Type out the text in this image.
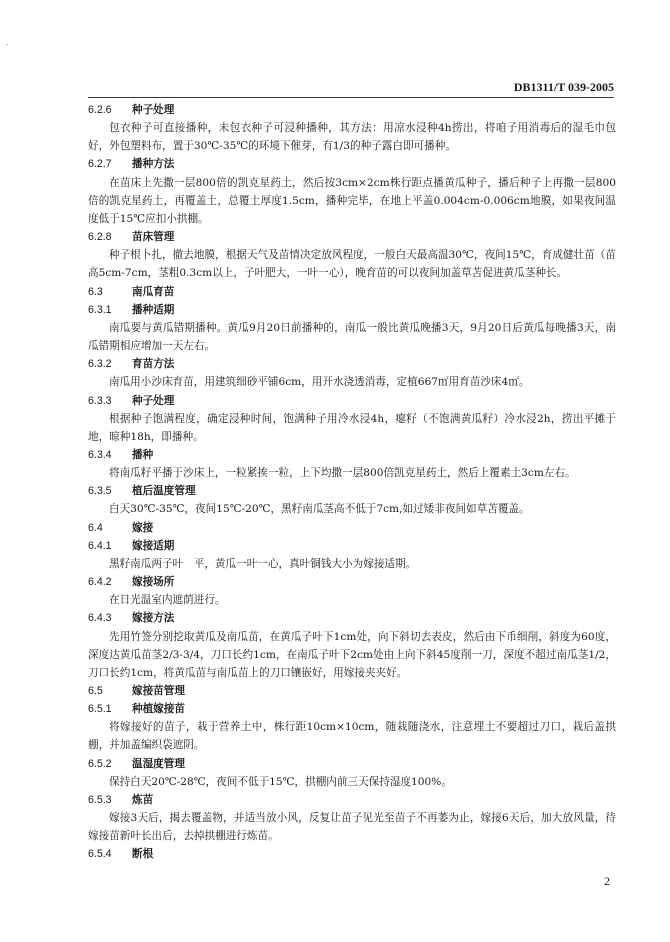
.
DB1311/T 039-2005
6.2.6 种子处理

包衣种子可直接播种，未包衣种子可浸种播种，其方法：用凉水浸种4h捞出，将咱子用消毒后的湿毛巾包好，外包塑料布，置于30℃-35℃的环境下催芽，有1/3的种子露白即可播种。

6.2.7 播种方法

在苗床上先撒一层800倍的凯克星药土，然后按3cm×2cm株行距点播黄瓜种子，播后种子上再撒一层800倍的凯克星药土，再覆盖土，总覆土厚度1.5cm，播种完毕，在地上平盖0.004cm-0.006cm地膜，如果夜间温度低于15℃应扣小拱棚。

6.2.8 苗床管理

种子根卜扎，撤去地膜，根据天气及苗情决定放风程度，一般白天最高温30℃，夜间15℃，育成健壮苗（苗高5cm-7cm，茎粗0.3cm以上，子叶肥大，一叶一心），晚育苗的可以夜间加盖草苫促进黄瓜茎种长。

6.3	南瓜育苗
6.3.1 播种适期

南瓜要与黄瓜错期播种。黄瓜9月20日前播种的，南瓜一般比黄瓜晚播3天，9月20日后黄瓜每晚播3天，南瓜错期相应增加一天左右。

6.3.2 育苗方法

南瓜用小沙床育苗，用建筑细砂平铺6cm，用开水浇透消毒，定植667㎡用育苗沙床4㎡。

6.3.3 种子处理

根据种子饱满程度，确定浸种时间，饱满种子用冷水浸4h，瘪籽（不饱满黄瓜籽）冷水浸2h，捞出平摊于地，晾种18h，即播种。

6.3.4 播种

将南瓜籽平播于沙床上，一粒紧挨一粒，上下均撒一层800倍凯克星药土，然后上覆素土3cm左右。

6.3.5 植后温度管理

白天30℃-35℃，夜间15℃-20℃，黑籽南瓜茎高不低于7cm,如过矮非夜间如草苫覆盖。

6.4	嫁接
6.4.1 嫁接适期

黑籽南瓜两子叶　平，黄瓜一叶一心，真叶铜钱大小为嫁接适期。

6.4.2 嫁接场所

在日光温室内遮荫进行。

6.4.3 嫁接方法

先用竹签分别挖取黄瓜及南瓜苗，在黄瓜子叶下1cm处，向下斜切去表皮，然后由下币细削，斜度为60度，深度达黄瓜苗茎2/3-3/4，刀口长约1cm，在南瓜子叶下2cm处由上向下斜45度削一刀，深度不超过南瓜茎1/2，刀口长约1cm，将黄瓜苗与南瓜苗上的刀口镶嵌好，用嫁接夹夹好。

6.5	嫁接苗管理
6.5.1 种植嫁接苗

将嫁接好的苗子，栽于营养土中，株行距10cm×10cm，随栽随浇水，注意埋土不要超过刀口，栽后盖拱棚，并加盖编织袋遮阴。

6.5.2 温湿度管理

保持白天20℃-28℃，夜间不低于15℃，拱棚内前三天保持湿度100%。

6.5.3 炼苗

嫁接3天后，揭去覆盖物，并适当放小风，反复让苗子见光至苗子不再萎为止，嫁接6天后，加大放风量，待嫁接苗新叶长出后，去掉拱棚进行炼苗。

6.5.4 断根
2
